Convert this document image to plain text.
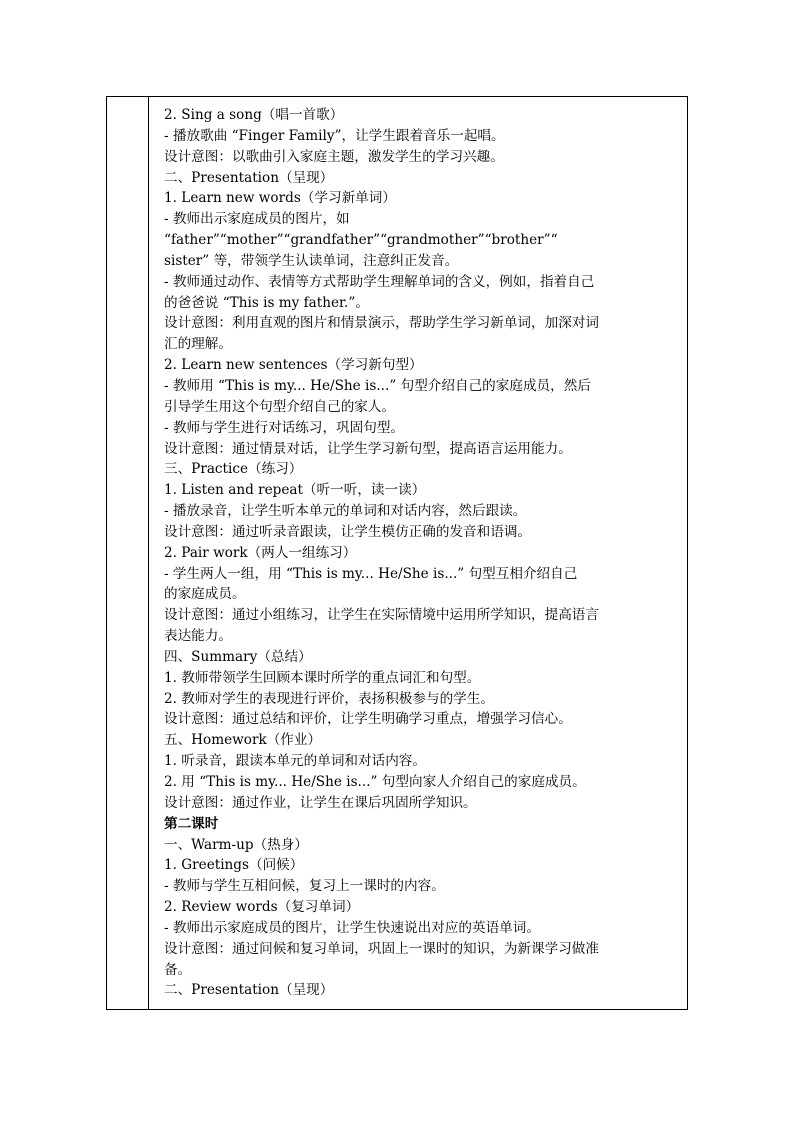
2. Sing a song（唱一首歌）
- 播放歌曲 “Finger Family”，让学生跟着音乐一起唱。
设计意图：以歌曲引入家庭主题，激发学生的学习兴趣。
二、Presentation（呈现）
1. Learn new words（学习新单词）
- 教师出示家庭成员的图片，如
“father”“mother”“grandfather”“grandmother”“brother”“
sister” 等，带领学生认读单词，注意纠正发音。
- 教师通过动作、表情等方式帮助学生理解单词的含义，例如，指着自己
的爸爸说 “This is my father.”。
设计意图：利用直观的图片和情景演示，帮助学生学习新单词，加深对词
汇的理解。
2. Learn new sentences（学习新句型）
- 教师用 “This is my... He/She is...” 句型介绍自己的家庭成员，然后
引导学生用这个句型介绍自己的家人。
- 教师与学生进行对话练习，巩固句型。
设计意图：通过情景对话，让学生学习新句型，提高语言运用能力。
三、Practice（练习）
1. Listen and repeat（听一听，读一读）
- 播放录音，让学生听本单元的单词和对话内容，然后跟读。
设计意图：通过听录音跟读，让学生模仿正确的发音和语调。
2. Pair work（两人一组练习）
- 学生两人一组，用 “This is my... He/She is...” 句型互相介绍自己
的家庭成员。
设计意图：通过小组练习，让学生在实际情境中运用所学知识，提高语言
表达能力。
四、Summary（总结）
1. 教师带领学生回顾本课时所学的重点词汇和句型。
2. 教师对学生的表现进行评价，表扬积极参与的学生。
设计意图：通过总结和评价，让学生明确学习重点，增强学习信心。
五、Homework（作业）
1. 听录音，跟读本单元的单词和对话内容。
2. 用 “This is my... He/She is...” 句型向家人介绍自己的家庭成员。
设计意图：通过作业，让学生在课后巩固所学知识。
第二课时
一、Warm-up（热身）
1. Greetings（问候）
- 教师与学生互相问候，复习上一课时的内容。
2. Review words（复习单词）
- 教师出示家庭成员的图片，让学生快速说出对应的英语单词。
设计意图：通过问候和复习单词，巩固上一课时的知识，为新课学习做准
备。
二、Presentation（呈现）
